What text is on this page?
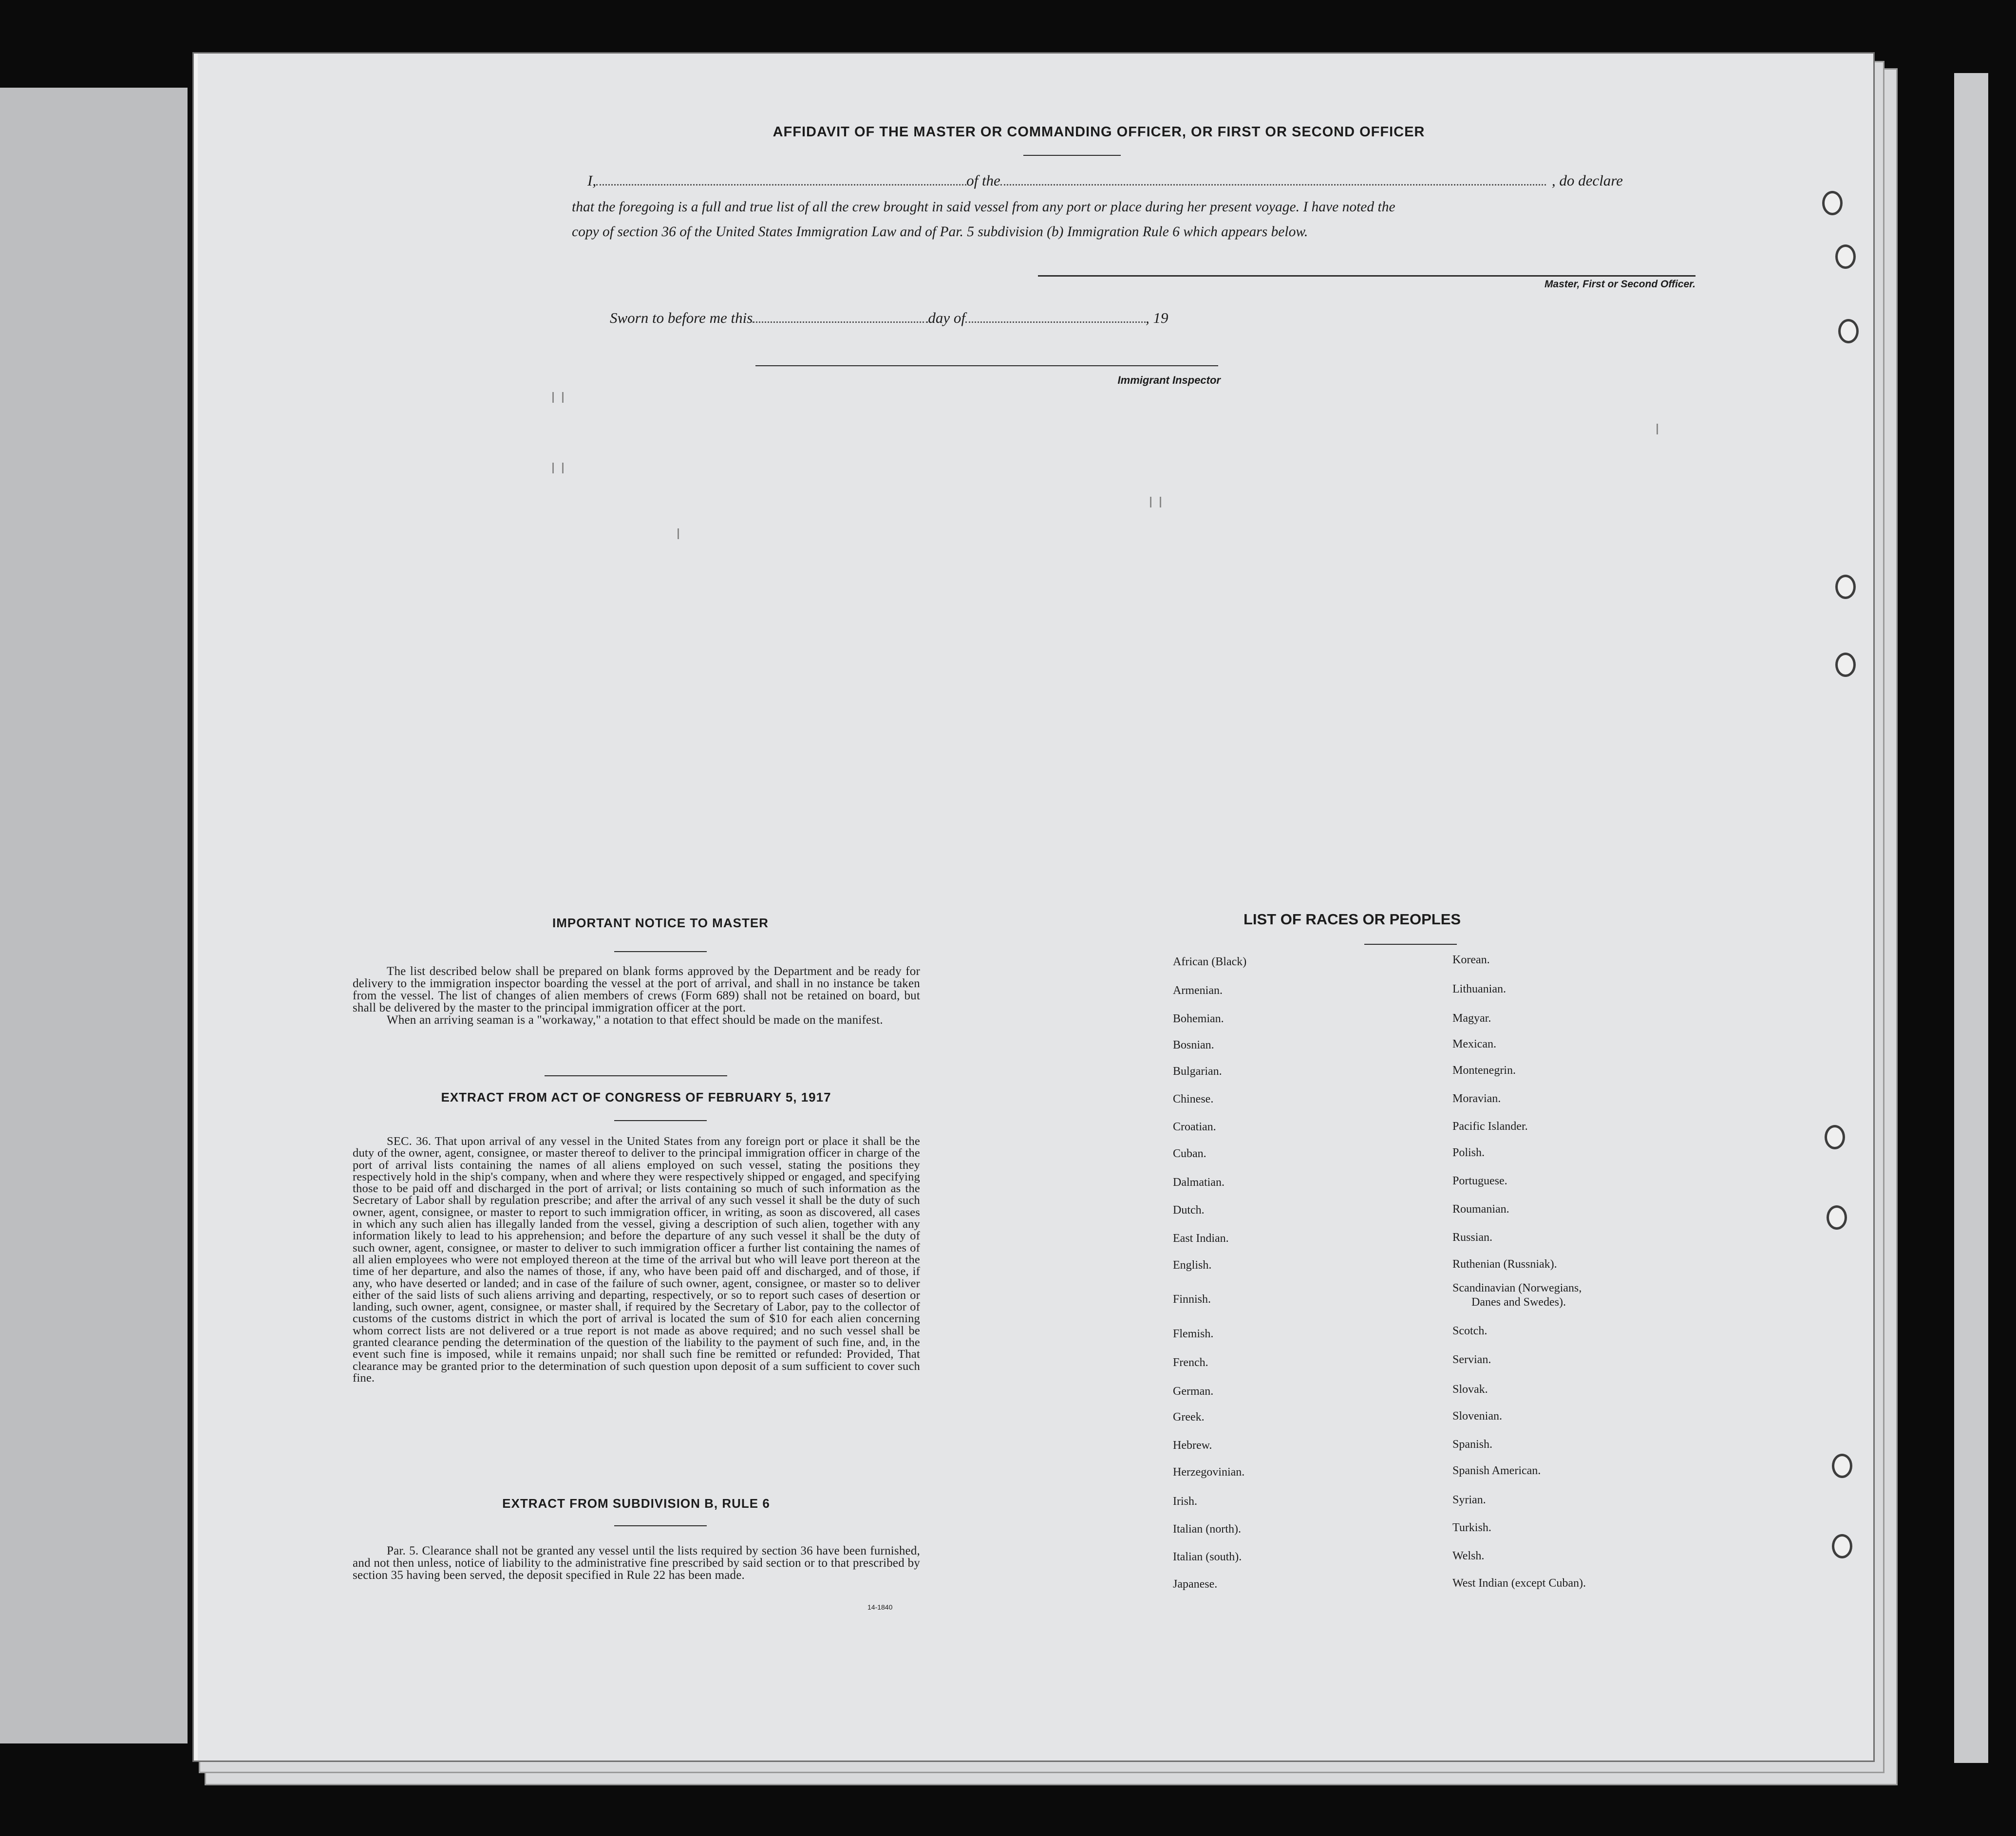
AFFIDAVIT OF THE MASTER OR COMMANDING OFFICER, OR FIRST OR SECOND OFFICER
I,	of the	, do declare
that the foregoing is a full and true list of all the crew brought in said vessel from any port or place during her present voyage. I have noted the
copy of section 36 of the United States Immigration Law and of Par. 5 subdivision (b) Immigration Rule 6 which appears below.
Master, First or Second Officer.
Sworn to before me this	day of	, 19
Immigrant Inspector
IMPORTANT NOTICE TO MASTER

The list described below shall be prepared on blank forms approved by the Department and be ready for delivery to the immigration inspector boarding the vessel at the port of arrival, and shall in no instance be taken from the vessel. The list of changes of alien members of crews (Form 689) shall not be retained on board, but shall be delivered by the master to the principal immigration officer at the port.

When an arriving seaman is a "workaway," a notation to that effect should be made on the manifest.

EXTRACT FROM ACT OF CONGRESS OF FEBRUARY 5, 1917

SEC. 36. That upon arrival of any vessel in the United States from any foreign port or place it shall be the duty of the owner, agent, consignee, or master thereof to deliver to the principal immigration officer in charge of the port of arrival lists containing the names of all aliens employed on such vessel, stating the positions they respectively hold in the ship's company, when and where they were respectively shipped or engaged, and specifying those to be paid off and discharged in the port of arrival; or lists containing so much of such information as the Secretary of Labor shall by regulation prescribe; and after the arrival of any such vessel it shall be the duty of such owner, agent, consignee, or master to report to such immigration officer, in writing, as soon as discovered, all cases in which any such alien has illegally landed from the vessel, giving a description of such alien, together with any information likely to lead to his apprehension; and before the departure of any such vessel it shall be the duty of such owner, agent, consignee, or master to deliver to such immigration officer a further list containing the names of all alien employees who were not employed thereon at the time of the arrival but who will leave port thereon at the time of her departure, and also the names of those, if any, who have been paid off and discharged, and of those, if any, who have deserted or landed; and in case of the failure of such owner, agent, consignee, or master so to deliver either of the said lists of such aliens arriving and departing, respectively, or so to report such cases of desertion or landing, such owner, agent, consignee, or master shall, if required by the Secretary of Labor, pay to the collector of customs of the customs district in which the port of arrival is located the sum of $10 for each alien concerning whom correct lists are not delivered or a true report is not made as above required; and no such vessel shall be granted clearance pending the determination of the question of the liability to the payment of such fine, and, in the event such fine is imposed, while it remains unpaid; nor shall such fine be remitted or refunded: Provided, That clearance may be granted prior to the determination of such question upon deposit of a sum sufficient to cover such fine.

EXTRACT FROM SUBDIVISION B, RULE 6

Par. 5. Clearance shall not be granted any vessel until the lists required by section 36 have been furnished, and not then unless, notice of liability to the administrative fine prescribed by said section or to that prescribed by section 35 having been served, the deposit specified in Rule 22 has been made.

14-1840
LIST OF RACES OR PEOPLES
African (Black)
Armenian.
Bohemian.
Bosnian.
Bulgarian.
Chinese.
Croatian.
Cuban.
Dalmatian.
Dutch.
East Indian.
English.
Finnish.
Flemish.
French.
German.
Greek.
Hebrew.
Herzegovinian.
Irish.
Italian (north).
Italian (south).
Japanese.
Korean.
Lithuanian.
Magyar.
Mexican.
Montenegrin.
Moravian.
Pacific Islander.
Polish.
Portuguese.
Roumanian.
Russian.
Ruthenian (Russniak).
Scandinavian (Norwegians,
Danes and Swedes).
Scotch.
Servian.
Slovak.
Slovenian.
Spanish.
Spanish American.
Syrian.
Turkish.
Welsh.
West Indian (except Cuban).
